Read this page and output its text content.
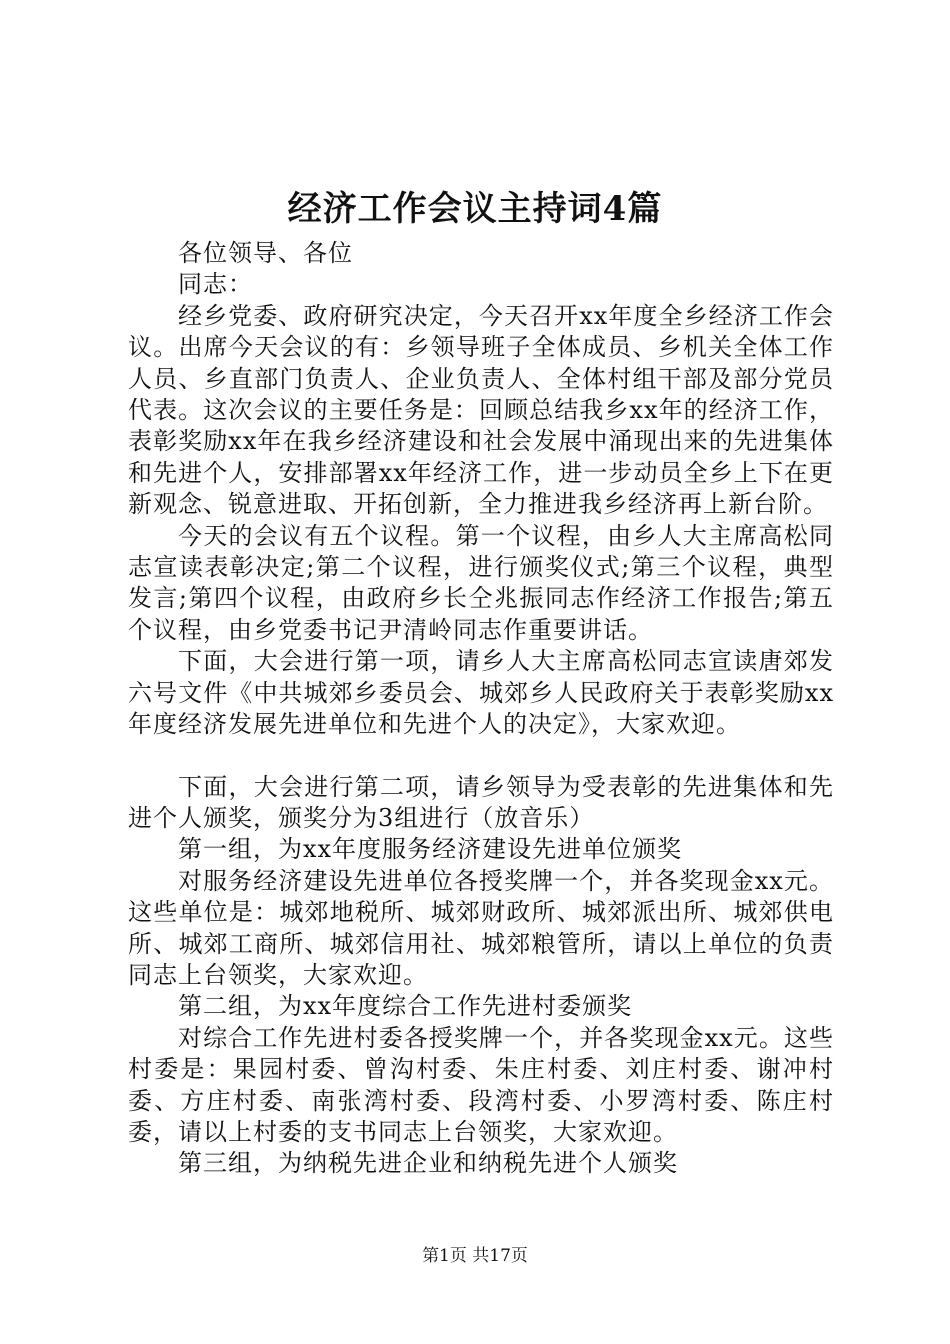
经济工作会议主持词4篇

各位领导、各位

同志：

经乡党委、政府研究决定，今天召开xx年度全乡经济工作会议。出席今天会议的有：乡领导班子全体成员、乡机关全体工作人员、乡直部门负责人、企业负责人、全体村组干部及部分党员代表。这次会议的主要任务是：回顾总结我乡xx年的经济工作，表彰奖励xx年在我乡经济建设和社会发展中涌现出来的先进集体和先进个人，安排部署xx年经济工作，进一步动员全乡上下在更新观念、锐意进取、开拓创新，全力推进我乡经济再上新台阶。

今天的会议有五个议程。第一个议程，由乡人大主席高松同志宣读表彰决定;第二个议程，进行颁奖仪式;第三个议程，典型发言;第四个议程，由政府乡长仝兆振同志作经济工作报告;第五个议程，由乡党委书记尹清岭同志作重要讲话。

下面，大会进行第一项，请乡人大主席高松同志宣读唐郊发六号文件《中共城郊乡委员会、城郊乡人民政府关于表彰奖励xx年度经济发展先进单位和先进个人的决定》，大家欢迎。

下面，大会进行第二项，请乡领导为受表彰的先进集体和先进个人颁奖，颁奖分为3组进行（放音乐）

第一组，为xx年度服务经济建设先进单位颁奖

对服务经济建设先进单位各授奖牌一个，并各奖现金xx元。这些单位是：城郊地税所、城郊财政所、城郊派出所、城郊供电所、城郊工商所、城郊信用社、城郊粮管所，请以上单位的负责同志上台领奖，大家欢迎。

第二组，为xx年度综合工作先进村委颁奖

对综合工作先进村委各授奖牌一个，并各奖现金xx元。这些村委是：果园村委、曾沟村委、朱庄村委、刘庄村委、谢冲村委、方庄村委、南张湾村委、段湾村委、小罗湾村委、陈庄村委，请以上村委的支书同志上台领奖，大家欢迎。

第三组，为纳税先进企业和纳税先进个人颁奖

第1页 共17页
